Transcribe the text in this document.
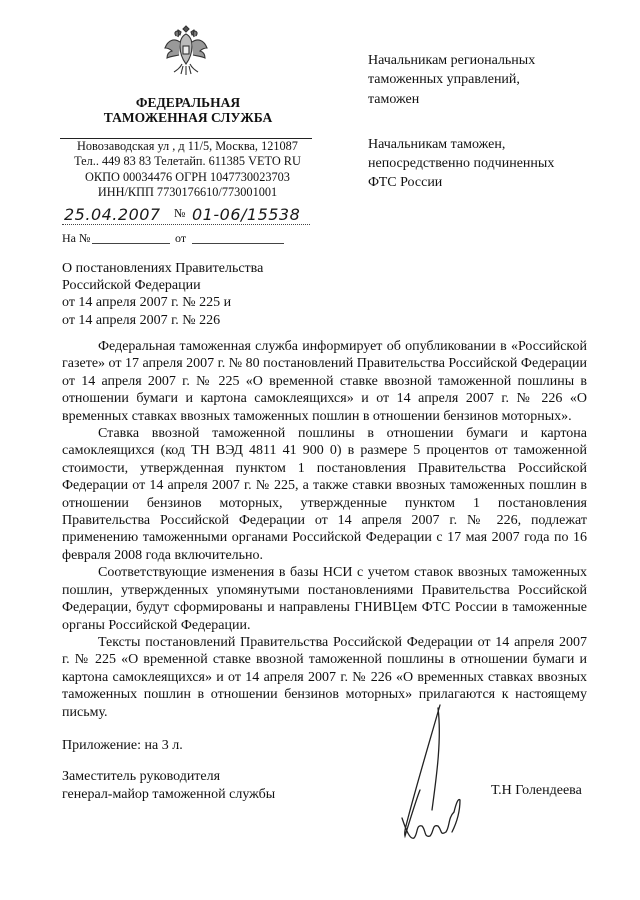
ФЕДЕРАЛЬНАЯ
ТАМОЖЕННАЯ СЛУЖБА
Новозаводская ул , д 11/5, Москва, 121087
Тел.. 449 83 83 Телетайп. 611385 VETO RU
ОКПО 00034476 ОГРН 1047730023703
ИНН/КПП 7730176610/773001001
Начальникам региональных
таможенных управлений,
таможен
Начальникам таможен,
непосредственно подчиненных
ФТС России
25.04.2007 № 01-06/15538
На №	от
О постановлениях Правительства
Российской Федерации
от 14 апреля 2007 г. № 225 и
от 14 апреля 2007 г. № 226

Федеральная таможенная служба информирует об опубликовании в «Российской газете» от 17 апреля 2007 г. № 80 постановлений Правительства Российской Федерации от 14 апреля 2007 г. № 225 «О временной ставке ввозной таможенной пошлины в отношении бумаги и картона самоклеящихся» и от 14 апреля 2007 г. № 226 «О временных ставках ввозных таможенных пошлин в отношении бензинов моторных».

Ставка ввозной таможенной пошлины в отношении бумаги и картона самоклеящихся (код ТН ВЭД 4811 41 900 0) в размере 5 процентов от таможенной стоимости, утвержденная пунктом 1 постановления Правительства Российской Федерации от 14 апреля 2007 г. № 225, а также ставки ввозных таможенных пошлин в отношении бензинов моторных, утвержденные пунктом 1 постановления Правительства Российской Федерации от 14 апреля 2007 г. № 226, подлежат применению таможенными органами Российской Федерации с 17 мая 2007 года по 16 февраля 2008 года включительно.

Соответствующие изменения в базы НСИ с учетом ставок ввозных таможенных пошлин, утвержденных упомянутыми постановлениями Правительства Российской Федерации, будут сформированы и направлены ГНИВЦем ФТС России в таможенные органы Российской Федерации.

Тексты постановлений Правительства Российской Федерации от 14 апреля 2007 г. № 225 «О временной ставке ввозной таможенной пошлины в отношении бумаги и картона самоклеящихся» и от 14 апреля 2007 г. № 226 «О временных ставках ввозных таможенных пошлин в отношении бензинов моторных» прилагаются к настоящему письму.

Приложение: на 3 л.
Заместитель руководителя
генерал-майор таможенной службы	Т.Н Голендеева
